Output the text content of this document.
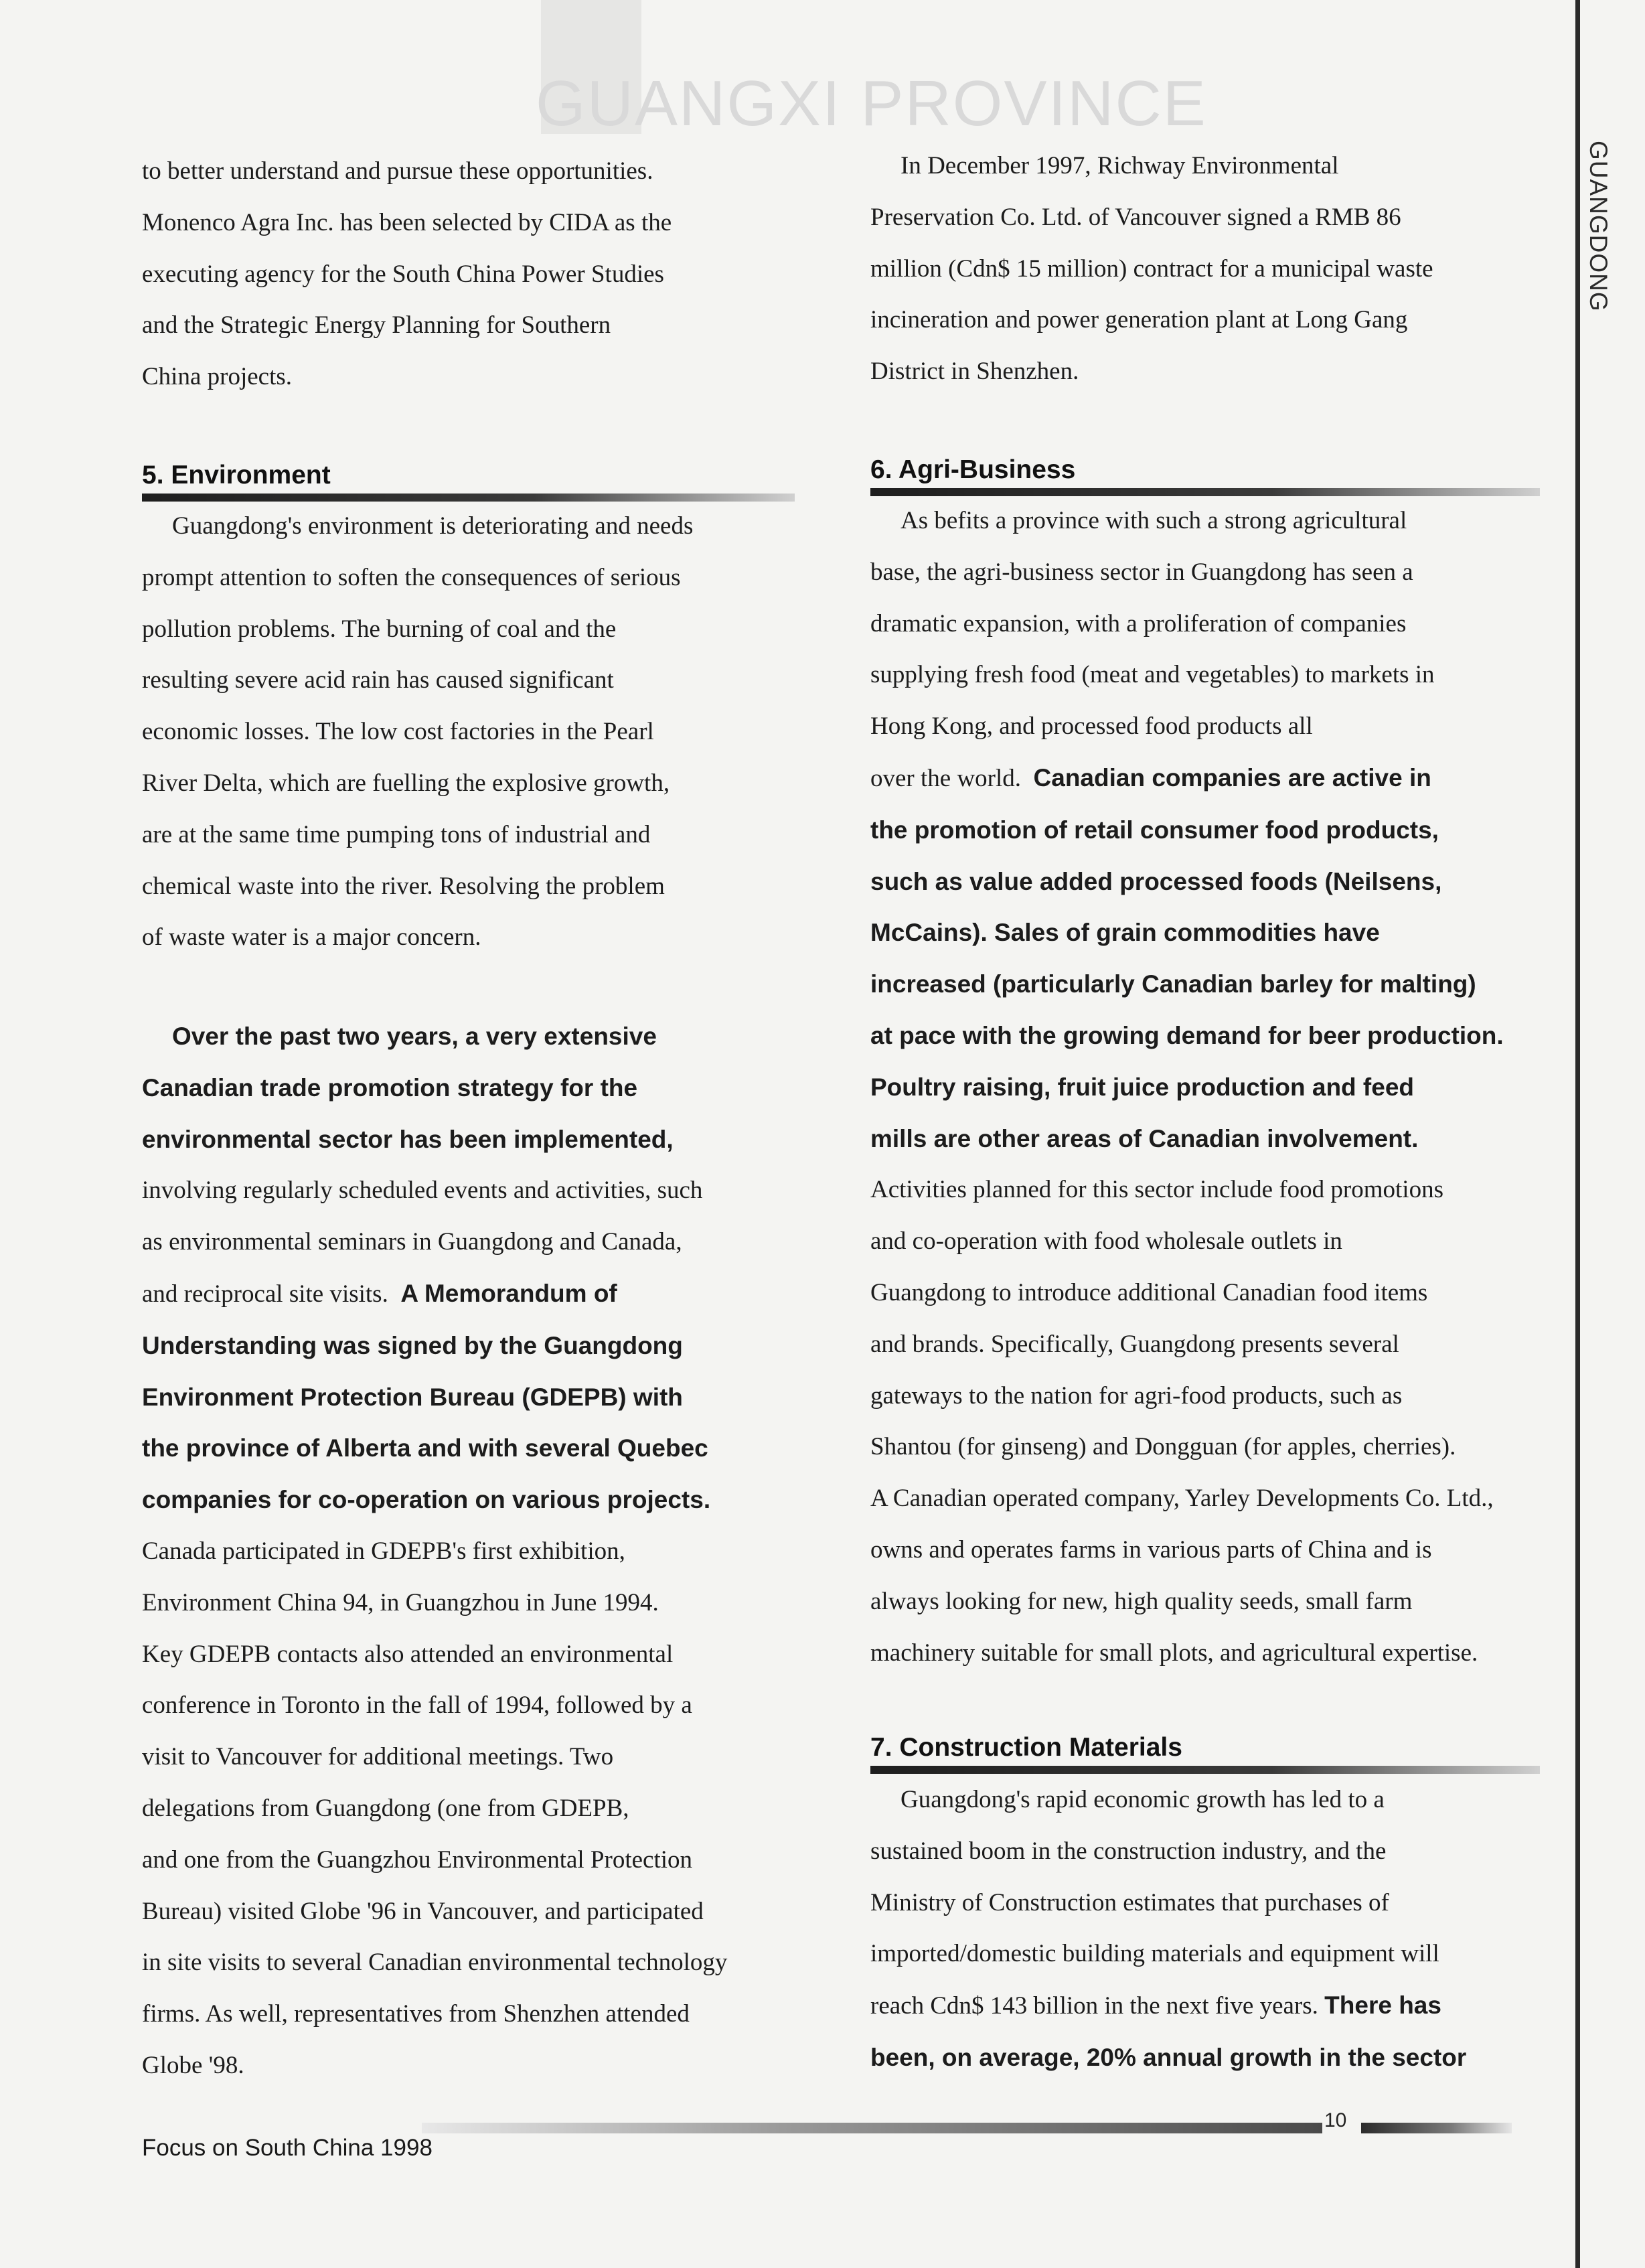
GUANGXI PROVINCE
GUANGDONG
to better understand and pursue these opportunities.
Monenco Agra Inc. has been selected by CIDA as the
executing agency for the South China Power Studies
and the Strategic Energy Planning for Southern
China projects.
5. Environment
Guangdong's environment is deteriorating and needs
prompt attention to soften the consequences of serious
pollution problems. The burning of coal and the
resulting severe acid rain has caused significant
economic losses. The low cost factories in the Pearl
River Delta, which are fuelling the explosive growth,
are at the same time pumping tons of industrial and
chemical waste into the river. Resolving the problem
of waste water is a major concern.
Over the past two years, a very extensive
Canadian trade promotion strategy for the
environmental sector has been implemented,
involving regularly scheduled events and activities, such
as environmental seminars in Guangdong and Canada,
and reciprocal site visits. A Memorandum of
Understanding was signed by the Guangdong
Environment Protection Bureau (GDEPB) with
the province of Alberta and with several Quebec
companies for co-operation on various projects.
Canada participated in GDEPB's first exhibition,
Environment China 94, in Guangzhou in June 1994.
Key GDEPB contacts also attended an environmental
conference in Toronto in the fall of 1994, followed by a
visit to Vancouver for additional meetings. Two
delegations from Guangdong (one from GDEPB,
and one from the Guangzhou Environmental Protection
Bureau) visited Globe '96 in Vancouver, and participated
in site visits to several Canadian environmental technology
firms. As well, representatives from Shenzhen attended
Globe '98.
In December 1997, Richway Environmental
Preservation Co. Ltd. of Vancouver signed a RMB 86
million (Cdn$ 15 million) contract for a municipal waste
incineration and power generation plant at Long Gang
District in Shenzhen.
6. Agri-Business
As befits a province with such a strong agricultural
base, the agri-business sector in Guangdong has seen a
dramatic expansion, with a proliferation of companies
supplying fresh food (meat and vegetables) to markets in
Hong Kong, and processed food products all
over the world. Canadian companies are active in
the promotion of retail consumer food products,
such as value added processed foods (Neilsens,
McCains). Sales of grain commodities have
increased (particularly Canadian barley for malting)
at pace with the growing demand for beer production.
Poultry raising, fruit juice production and feed
mills are other areas of Canadian involvement.
Activities planned for this sector include food promotions
and co-operation with food wholesale outlets in
Guangdong to introduce additional Canadian food items
and brands. Specifically, Guangdong presents several
gateways to the nation for agri-food products, such as
Shantou (for ginseng) and Dongguan (for apples, cherries).
A Canadian operated company, Yarley Developments Co. Ltd.,
owns and operates farms in various parts of China and is
always looking for new, high quality seeds, small farm
machinery suitable for small plots, and agricultural expertise.
7. Construction Materials
Guangdong's rapid economic growth has led to a
sustained boom in the construction industry, and the
Ministry of Construction estimates that purchases of
imported/domestic building materials and equipment will
reach Cdn$ 143 billion in the next five years. There has
been, on average, 20% annual growth in the sector
10
Focus on South China 1998
